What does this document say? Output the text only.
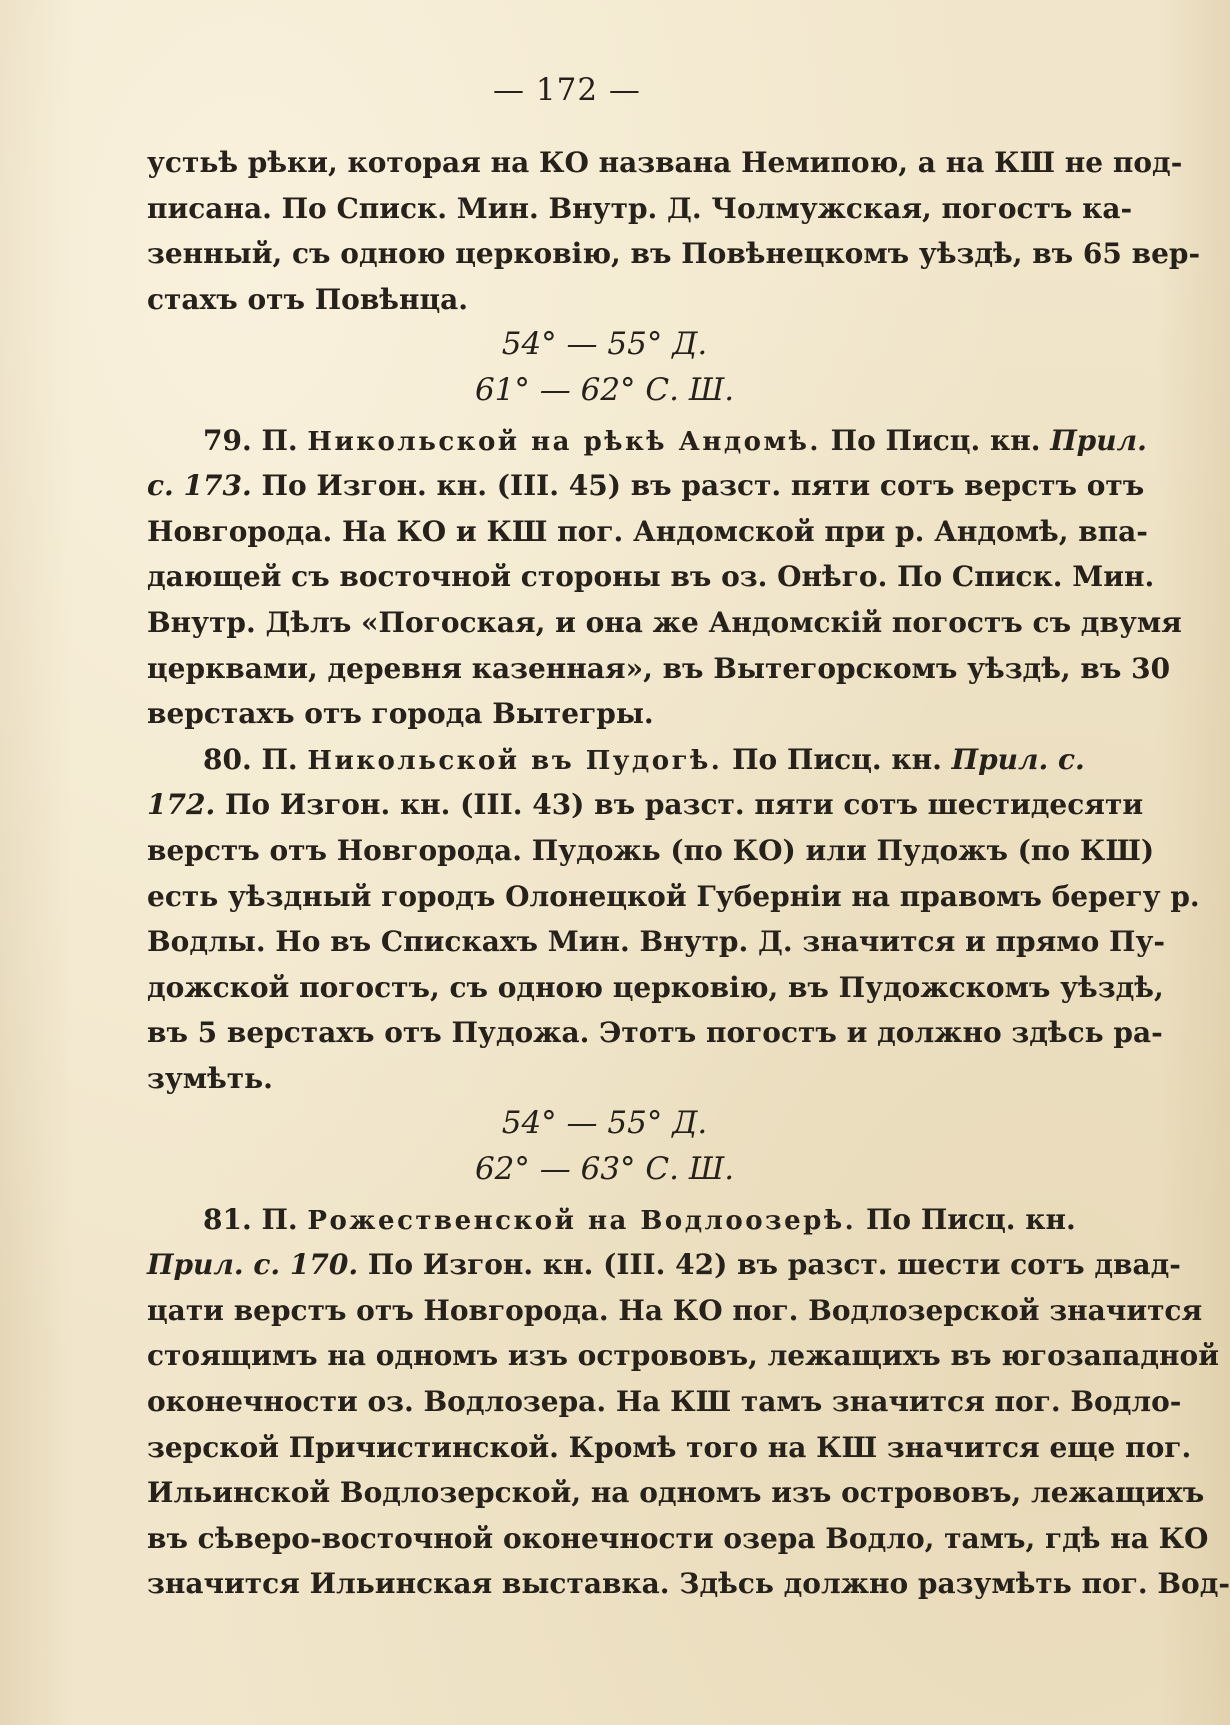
— 172 —
устьѣ рѣки, которая на КО названа Немипою, а на КШ не под-
писана. По Списк. Мин. Внутр. Д. Чолмужская, погостъ ка-
зенный, съ одною церковію, въ Повѣнецкомъ уѣздѣ, въ 65 вер-
стахъ отъ Повѣнца.
54° — 55° Д.
61° — 62° С. Ш.
79. П. Никольской на рѣкѣ Андомѣ. По Писц. кн. Прил.
с. 173. По Изгон. кн. (III. 45) въ разст. пяти сотъ верстъ отъ
Новгорода. На КО и КШ пог. Андомской при р. Андомѣ, впа-
дающей съ восточной стороны въ оз. Онѣго. По Списк. Мин.
Внутр. Дѣлъ «Погоская, и она же Андомскій погостъ съ двумя
церквами, деревня казенная», въ Вытегорскомъ уѣздѣ, въ 30
верстахъ отъ города Вытегры.
80. П. Никольской въ Пудогѣ. По Писц. кн. Прил. с.
172. По Изгон. кн. (III. 43) въ разст. пяти сотъ шестидесяти
верстъ отъ Новгорода. Пудожь (по КО) или Пудожъ (по КШ)
есть уѣздный городъ Олонецкой Губерніи на правомъ берегу р.
Водлы. Но въ Спискахъ Мин. Внутр. Д. значится и прямо Пу-
дожской погостъ, съ одною церковію, въ Пудожскомъ уѣздѣ,
въ 5 верстахъ отъ Пудожа. Этотъ погостъ и должно здѣсь ра-
зумѣть.
54° — 55° Д.
62° — 63° С. Ш.
81. П. Рожественской на Водлоозерѣ. По Писц. кн.
Прил. с. 170. По Изгон. кн. (III. 42) въ разст. шести сотъ двад-
цати верстъ отъ Новгорода. На КО пог. Водлозерской значится
стоящимъ на одномъ изъ острововъ, лежащихъ въ югозападной
оконечности оз. Водлозера. На КШ тамъ значится пог. Водло-
зерской Причистинской. Кромѣ того на КШ значится еще пог.
Ильинской Водлозерской, на одномъ изъ острововъ, лежащихъ
въ сѣверо-восточной оконечности озера Водло, тамъ, гдѣ на КО
значится Ильинская выставка. Здѣсь должно разумѣть пог. Вод-
